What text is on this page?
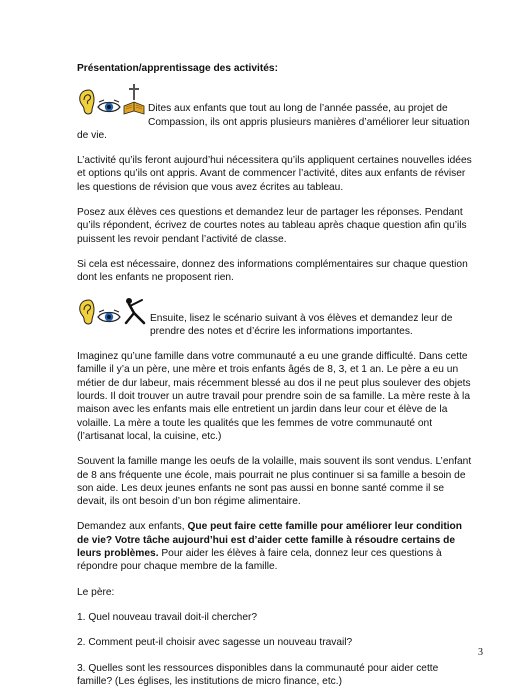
Présentation/apprentissage des activités:

Dites aux enfants que tout au long de l’année passée, au projet de Compassion, ils ont appris plusieurs manières d’améliorer leur situation de vie.

L’activité qu’ils feront aujourd’hui nécessitera qu’ils appliquent certaines nouvelles idées et options qu’ils ont appris. Avant de commencer l’activité, dites aux enfants de réviser les questions de révision que vous avez écrites au tableau.

Posez aux élèves ces questions et demandez leur de partager les réponses. Pendant qu’ils répondent, écrivez de courtes notes au tableau après chaque question afin qu’ils puissent les revoir pendant l’activité de classe.

Si cela est nécessaire, donnez des informations complémentaires sur chaque question dont les enfants ne proposent rien.

Ensuite, lisez le scénario suivant à vos élèves et demandez leur de prendre des notes et d’écrire les informations importantes.

Imaginez qu’une famille dans votre communauté a eu une grande difficulté. Dans cette famille il y’a un père, une mère et trois enfants âgés de 8, 3, et 1 an. Le père a eu un métier de dur labeur, mais récemment blessé au dos il ne peut plus soulever des objets lourds. Il doit trouver un autre travail pour prendre soin de sa famille. La mère reste à la maison avec les enfants mais elle entretient un jardin dans leur cour et élève de la volaille. La mère a toute les qualités que les femmes de votre communauté ont (l’artisanat local, la cuisine, etc.)

Souvent la famille mange les oeufs de la volaille, mais souvent ils sont vendus. L’enfant de 8 ans fréquente une école, mais pourrait ne plus continuer si sa famille a besoin de son aide. Les deux jeunes enfants ne sont pas aussi en bonne santé comme il se devait, ils ont besoin d’un bon régime alimentaire.

Demandez aux enfants, Que peut faire cette famille pour améliorer leur condition de vie? Votre tâche aujourd’hui est d’aider cette famille à résoudre certains de leurs problèmes. Pour aider les élèves à faire cela, donnez leur ces questions à répondre pour chaque membre de la famille.

Le père:

1. Quel nouveau travail doit-il chercher?

2. Comment peut-il choisir avec sagesse un nouveau travail?

3. Quelles sont les ressources disponibles dans la communauté pour aider cette famille? (Les églises, les institutions de micro finance, etc.)

3
